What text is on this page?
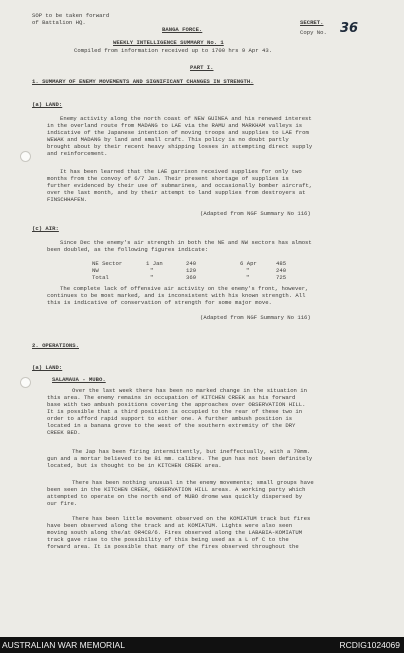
SOP to be taken forward
of Battalion HQ.
BANGA FORCE.
SECRET.
Copy No. 36
WEEKLY INTELLIGENCE SUMMARY No. 1
Compiled from information received up to 1700 hrs 9 Apr 43.
PART I.
1. SUMMARY OF ENEMY MOVEMENTS AND SIGNIFICANT CHANGES IN STRENGTH.
(a) LAND:
Enemy activity along the north coast of NEW GUINEA and his renewed interest
in the overland route from MADANG to LAE via the RAMU and MARKHAM valleys is
indicative of the Japanese intention of moving troops and supplies to LAE from
WEWAK and MADANG by land and small craft. This policy is no doubt partly
brought about by their recent heavy shipping losses in attempting direct supply
and reinforcement.
It has been learned that the LAE garrison received supplies for only two
months from the convoy of 6/7 Jan. Their present shortage of supplies is
further evidenced by their use of submarines, and occasionally bomber aircraft,
over the last month, and by their attempt to land supplies from destroyers at
FINSCHHAFEN.
(Adapted from NGF Summary No 116)
(c) AIR:
Since Dec the enemy's air strength in both the NE and NW sectors has almost
been doubled, as the following figures indicate:
NE Sector	1 Jan	240	6 Apr	485
NW	"	129	"	240
Total	"	369	"	725
The complete lack of offensive air activity on the enemy's front, however,
continues to be most marked, and is inconsistent with his known strength. All
this is indicative of conservation of strength for some major move.
(Adapted from NGF Summary No 116)
2. OPERATIONS.
(a) LAND:
SALAMAUA - MUBO.
Over the last week there has been no marked change in the situation in
this area. The enemy remains in occupation of KITCHEN CREEK as his forward
base with two ambush positions covering the approaches over OBSERVATION HILL.
It is possible that a third position is occupied to the rear of these two in
order to afford rapid support to either one. A further ambush position is
located in a banana grove to the west of the southern extremity of the DRY
CREEK BED.
The Jap has been firing intermittently, but ineffectually, with a 70mm.
gun and a mortar believed to be 81 mm. calibre. The gun has not been definitely
located, but is thought to be in KITCHEN CREEK area.
There has been nothing unusual in the enemy movements; small groups have
been seen in the KITCHEN CREEK, OBSERVATION HILL areas. A working party which
attempted to operate on the north end of MUBO drome was quickly dispersed by
our fire.
There has been little movement observed on the KOMIATUM track but fires
have been observed along the track and at KOMIATUM. Lights were also seen
moving south along the/at OR4C8/6. Fires observed along the LABABIA-KOMIATUM
track gave rise to the possibility of this being used as a L of C to the
forward area. It is possible that many of the fires observed throughout the
AUSTRALIAN WAR MEMORIAL	RCDIG1024069
